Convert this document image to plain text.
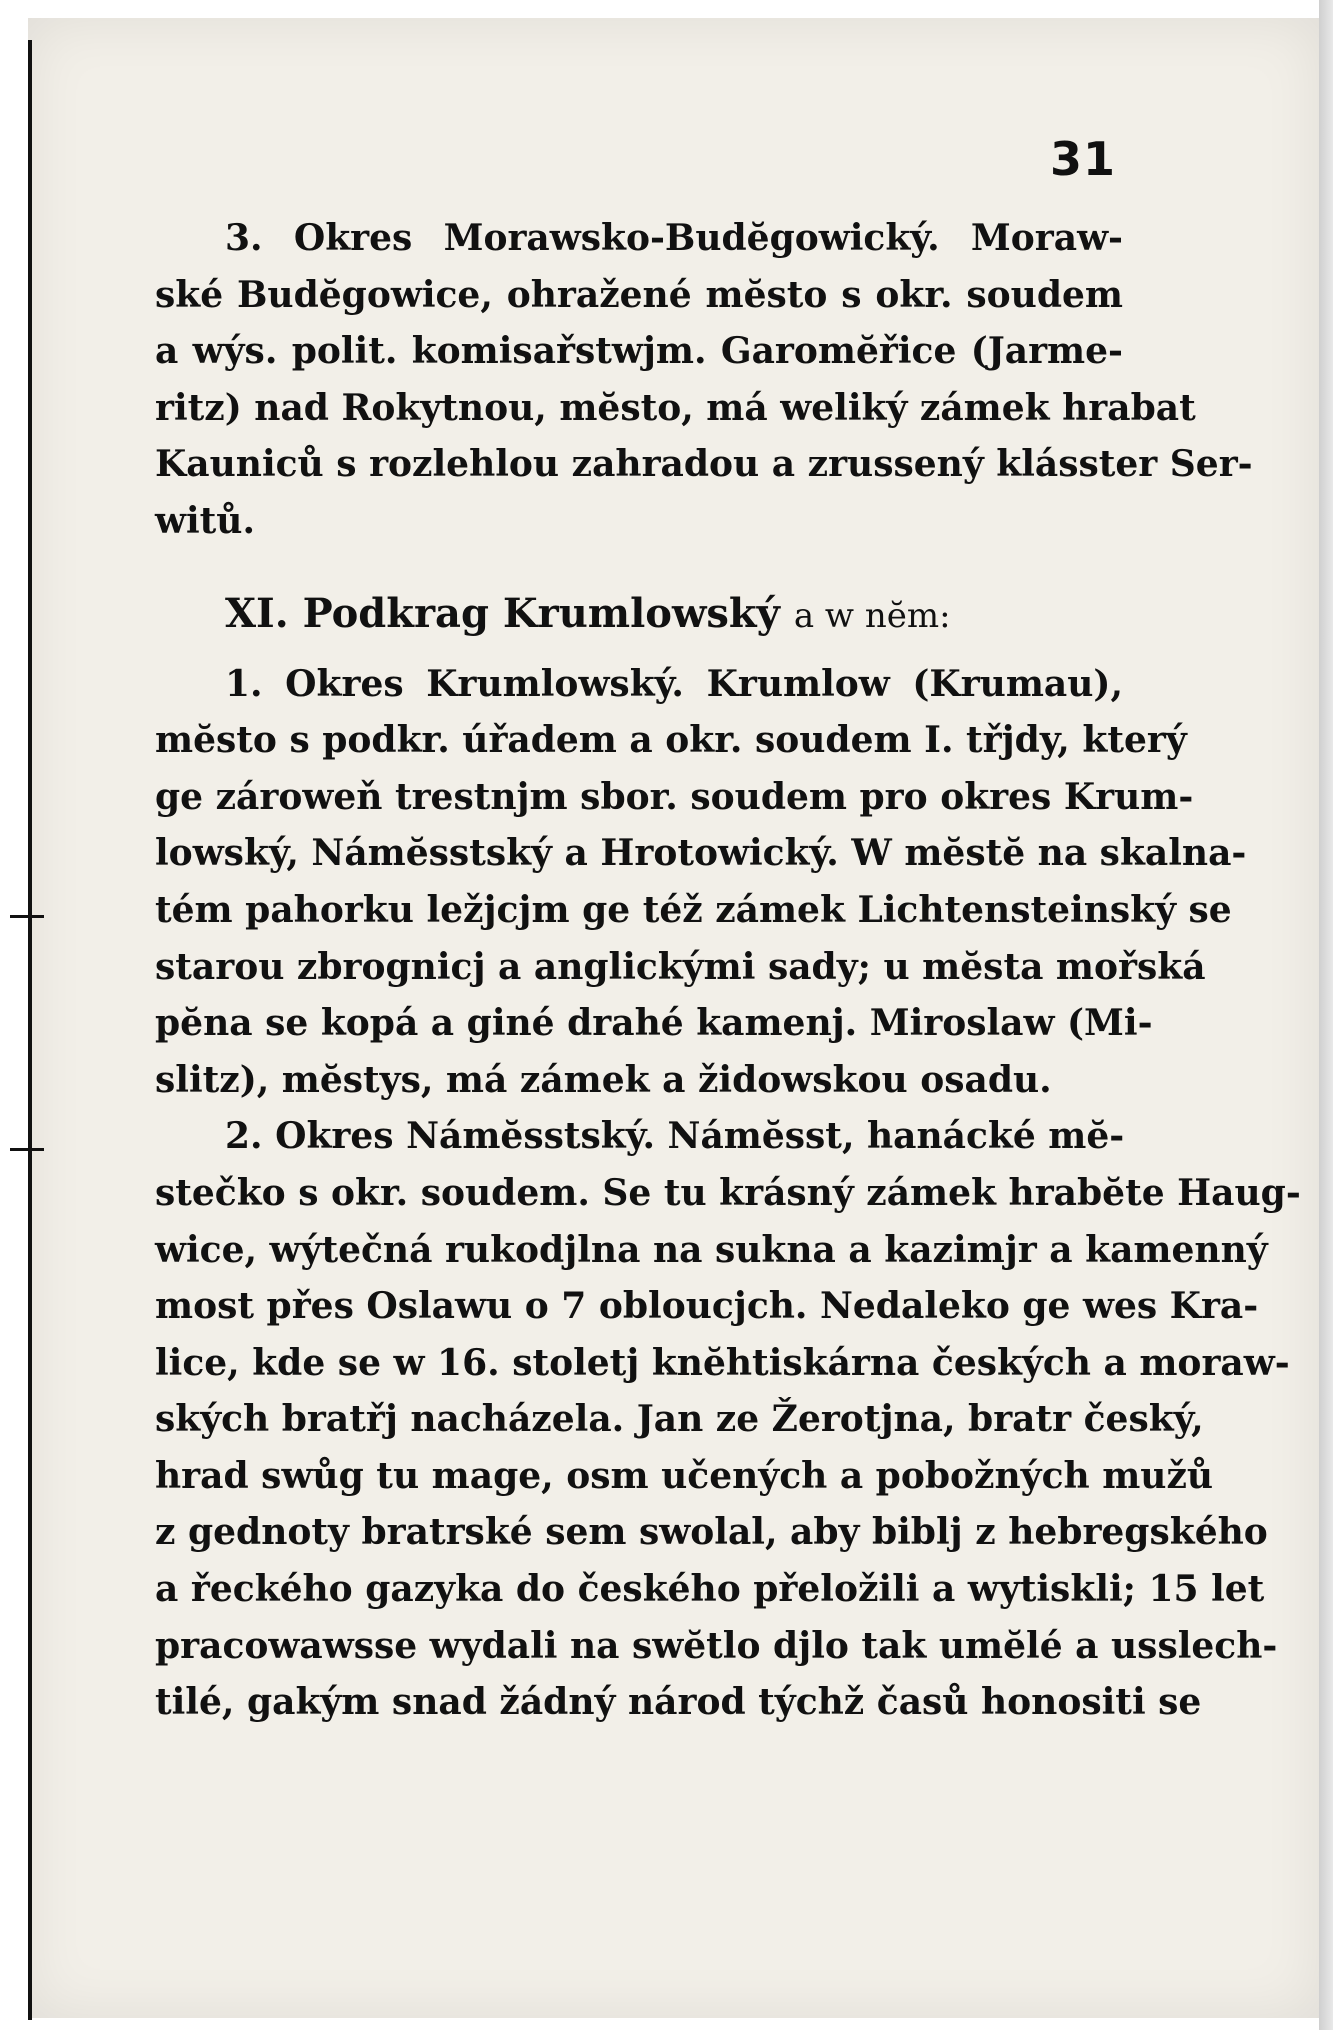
31
3. Okres Morawsko-Budĕgowický. Moraw-
ské Budĕgowice, ohražené mĕsto s okr. soudem
a wýs. polit. komisařstwjm. Garomĕřice (Jarme-
ritz) nad Rokytnou, mĕsto, má weliký zámek hrabat
Kauniců s rozlehlou zahradou a zrussený klásster Ser-
witů.
XI. Podkrag Krumlowský a w nĕm:
1. Okres Krumlowský. Krumlow (Krumau),
mĕsto s podkr. úřadem a okr. soudem I. třjdy, který
ge zároweň trestnjm sbor. soudem pro okres Krum-
lowský, Námĕsstský a Hrotowický. W mĕstĕ na skalna-
tém pahorku ležjcjm ge též zámek Lichtensteinský se
starou zbrognicj a anglickými sady; u mĕsta mořská
pĕna se kopá a giné drahé kamenj. Miroslaw (Mi-
slitz), mĕstys, má zámek a židowskou osadu.
2. Okres Námĕsstský. Námĕsst, hanácké mĕ-
stečko s okr. soudem. Se tu krásný zámek hrabĕte Haug-
wice, wýtečná rukodjlna na sukna a kazimjr a kamenný
most přes Oslawu o 7 obloucjch. Nedaleko ge wes Kra-
lice, kde se w 16. stoletj knĕhtiskárna českých a moraw-
ských bratřj nacházela. Jan ze Žerotjna, bratr český,
hrad swůg tu mage, osm učených a pobožných mužů
z gednoty bratrské sem swolal, aby biblj z hebregského
a řeckého gazyka do českého přeložili a wytiskli; 15 let
pracowawsse wydali na swĕtlo djlo tak umĕlé a usslech-
tilé, gakým snad žádný národ týchž časů honositi se
